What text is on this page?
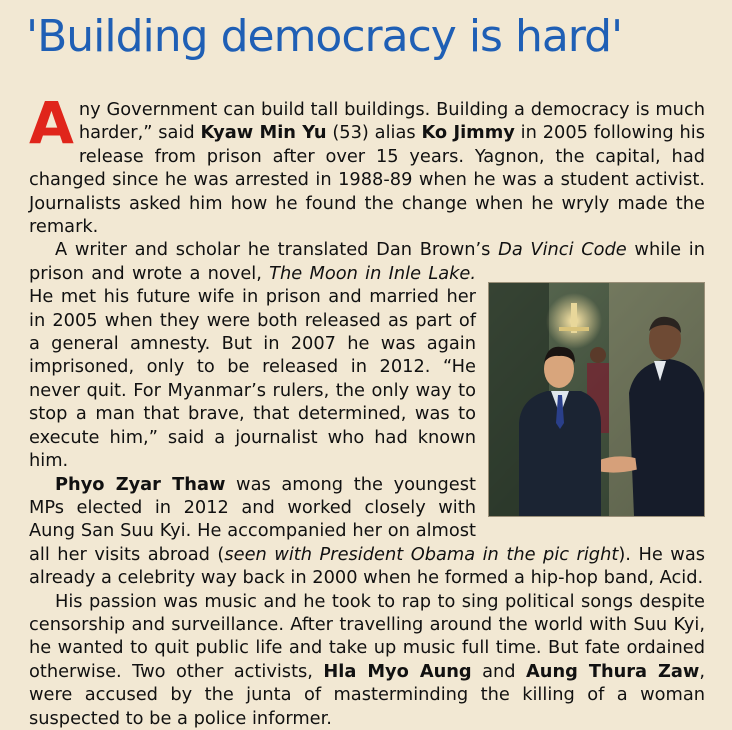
'Building democracy is hard'

Any Government can build tall buildings. Building a democracy is much harder,” said Kyaw Min Yu (53) alias Ko Jimmy in 2005 following his release from prison after over 15 years. Yagnon, the capital, had changed since he was arrested in 1988-89 when he was a student activist. Journalists asked him how he found the change when he wryly made the remark.

A writer and scholar he translated Dan Brown’s Da Vinci Code while in prison and wrote a novel, The Moon in Inle Lake.
He met his future wife in prison and married her in 2005 when they were both released as part of a general amnesty. But in 2007 he was again imprisoned, only to be released in 2012. “He never quit. For Myanmar’s rulers, the only way to stop a man that brave, that determined, was to execute him,” said a journalist who had known him.

Phyo Zyar Thaw was among the youngest MPs elected in 2012 and worked closely with Aung San Suu Kyi. He accompanied her on almost all her visits abroad (seen with President Obama in the pic right). He was already a celebrity way back in 2000 when he formed a hip-hop band, Acid.

His passion was music and he took to rap to sing political songs despite censorship and surveillance. After travelling around the world with Suu Kyi, he wanted to quit public life and take up music full time. But fate ordained otherwise. Two other activists, Hla Myo Aung and Aung Thura Zaw, were accused by the junta of masterminding the killing of a woman suspected to be a police informer.
